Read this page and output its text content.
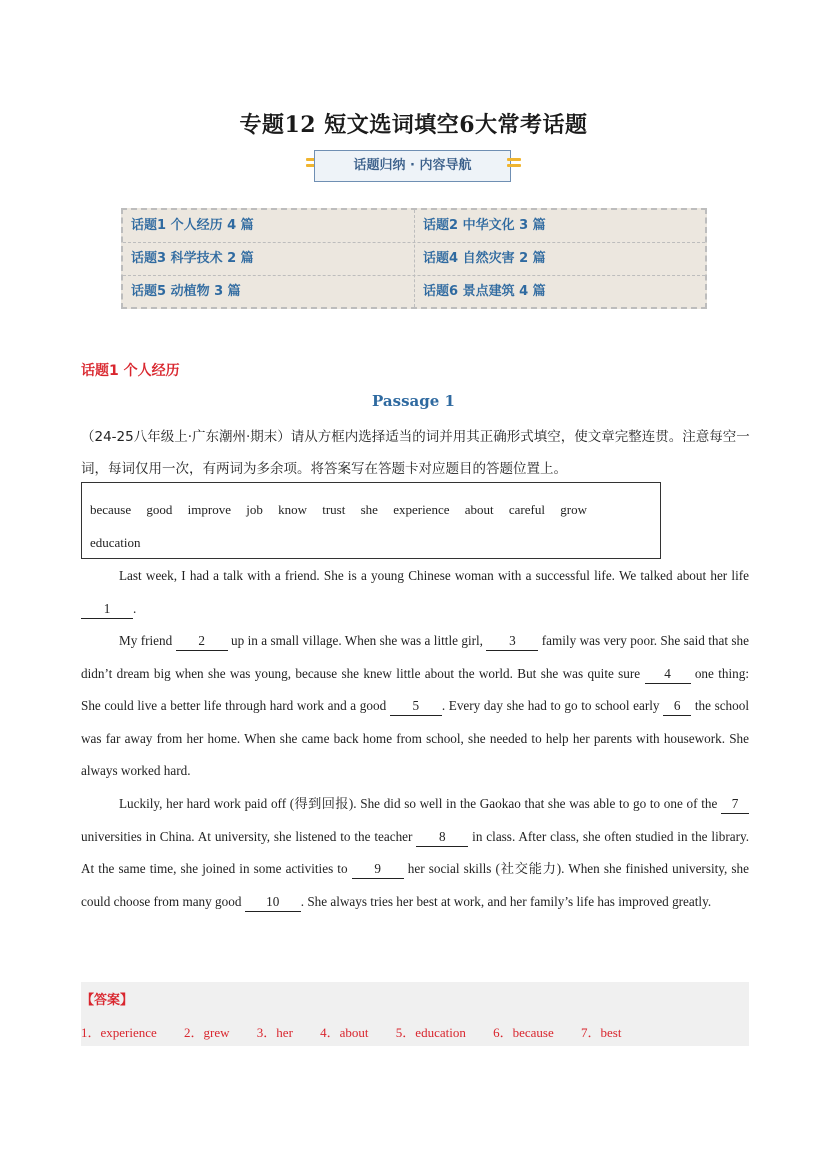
专题12 短文选词填空6大常考话题
话题归纳 · 内容导航
话题1 个人经历 4 篇	话题2 中华文化 3 篇
话题3 科学技术 2 篇	话题4 自然灾害 2 篇
话题5 动植物 3 篇	话题6 景点建筑 4 篇
话题1 个人经历
Passage 1
（24-25八年级上·广东潮州·期末）请从方框内选择适当的词并用其正确形式填空，使文章完整连贯。注意每空一词，每词仅用一次，有两词为多余项。将答案写在答题卡对应题目的答题位置上。
because good improve job know trust she experience about careful grow
education
Last week, I had a talk with a friend. She is a young Chinese woman with a successful life. We talked about her life 1 .
My friend 2 up in a small village. When she was a little girl, 3 family was very poor. She said that she didn’t dream big when she was young, because she knew little about the world. But she was quite sure 4 one thing: She could live a better life through hard work and a good 5 . Every day she had to go to school early 6 the school was far away from her home. When she came back home from school, she needed to help her parents with housework. She always worked hard.
Luckily, her hard work paid off (得到回报). She did so well in the Gaokao that she was able to go to one of the 7 universities in China. At university, she listened to the teacher 8 in class. After class, she often studied in the library. At the same time, she joined in some activities to 9 her social skills (社交能力). When she finished university, she could choose from many good 10 . She always tries her best at work, and her family’s life has improved greatly.
【答案】
1．experience 2．grew 3．her 4．about 5．education 6．because 7．best
